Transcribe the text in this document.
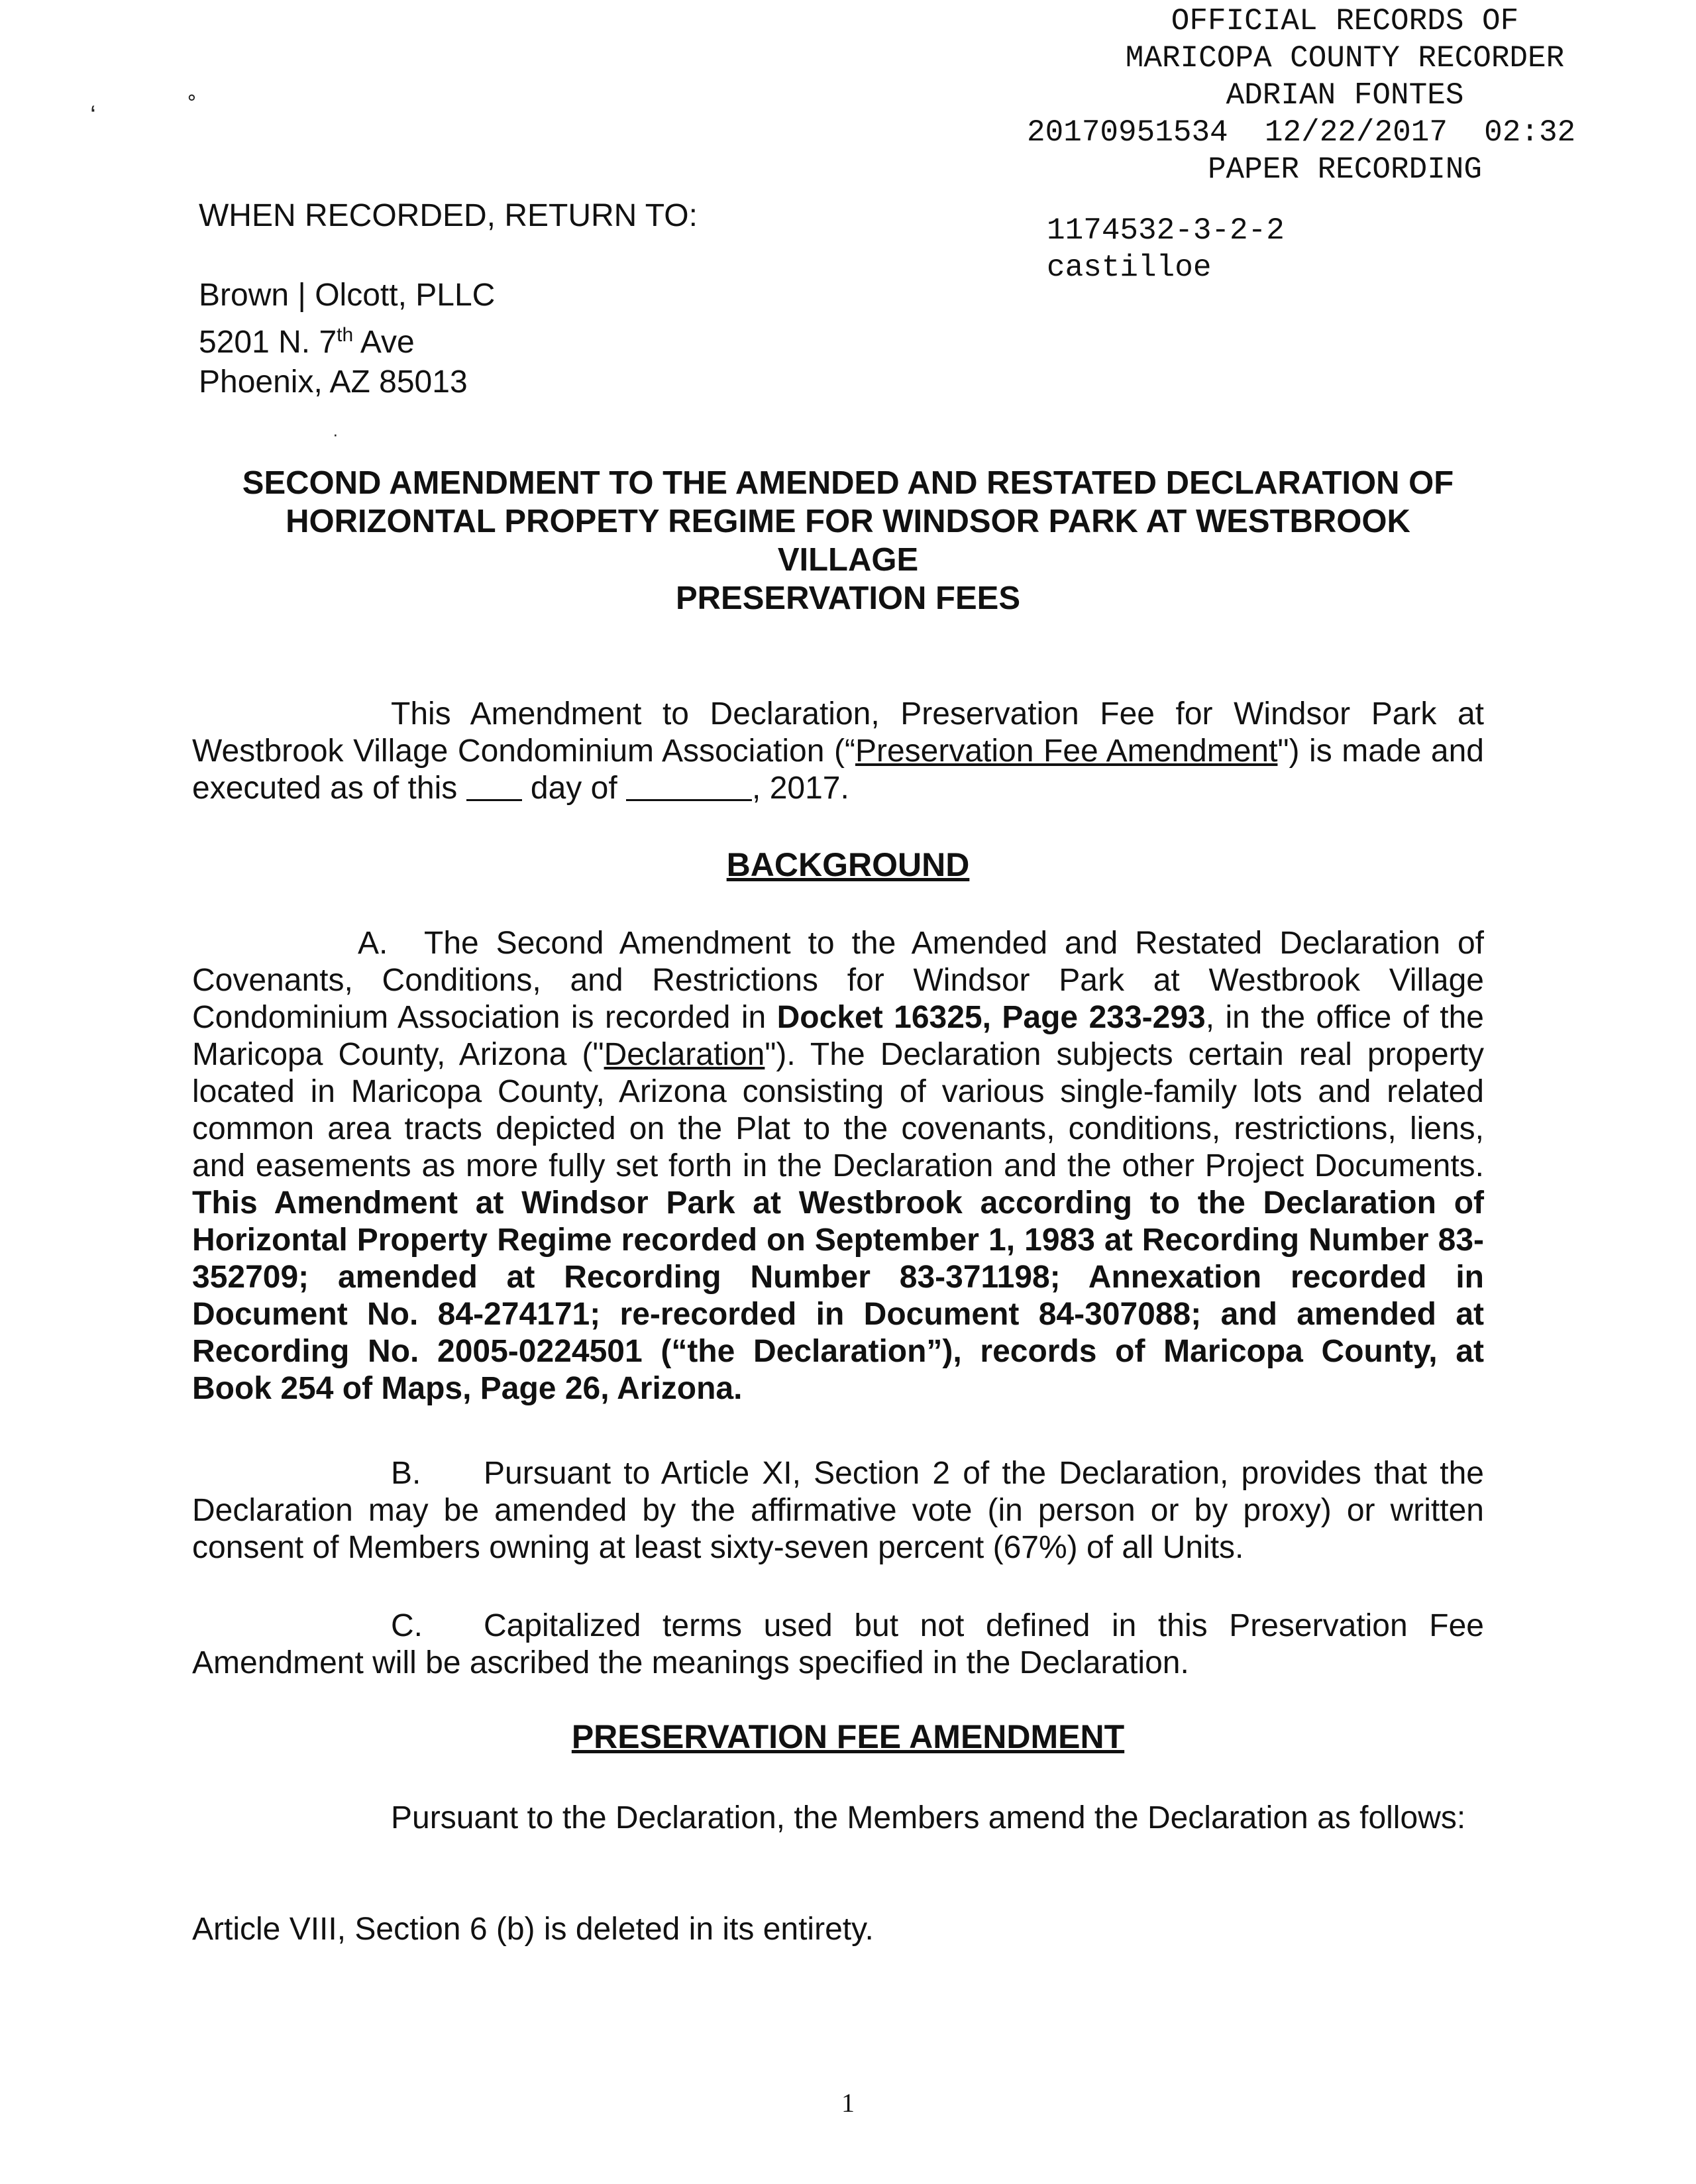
‘
∘
·
OFFICIAL RECORDS OF
MARICOPA COUNTY RECORDER
ADRIAN FONTES
20170951534 12/22/2017 02:32
PAPER RECORDING
1174532-3-2-2
castilloe
WHEN RECORDED, RETURN TO:
Brown | Olcott, PLLC
5201 N. 7th Ave
Phoenix, AZ 85013
SECOND AMENDMENT TO THE AMENDED AND RESTATED DECLARATION OF
HORIZONTAL PROPETY REGIME FOR WINDSOR PARK AT WESTBROOK
VILLAGE
PRESERVATION FEES
This Amendment to Declaration, Preservation Fee for Windsor Park at Westbrook Village Condominium Association (“Preservation Fee Amendment") is made and executed as of this  day of	, 2017.
BACKGROUND
A. The Second Amendment to the Amended and Restated Declaration of Covenants, Conditions, and Restrictions for Windsor Park at Westbrook Village Condominium Association is recorded in Docket 16325, Page 233-293, in the office of the Maricopa County, Arizona ("Declaration"). The Declaration subjects certain real property located in Maricopa County, Arizona consisting of various single-family lots and related common area tracts depicted on the Plat to the covenants, conditions, restrictions, liens, and easements as more fully set forth in the Declaration and the other Project Documents. This Amendment at Windsor Park at Westbrook according to the Declaration of Horizontal Property Regime recorded on September 1, 1983 at Recording Number 83-352709; amended at Recording Number 83-371198; Annexation recorded in Document No. 84-274171; re-recorded in Document 84-307088; and amended at Recording No. 2005-0224501 (“the Declaration”), records of Maricopa County, at Book 254 of Maps, Page 26, Arizona.
B. Pursuant to Article XI, Section 2 of the Declaration, provides that the Declaration may be amended by the affirmative vote (in person or by proxy) or written consent of Members owning at least sixty-seven percent (67%) of all Units.
C. Capitalized terms used but not defined in this Preservation Fee Amendment will be ascribed the meanings specified in the Declaration.
PRESERVATION FEE AMENDMENT
Pursuant to the Declaration, the Members amend the Declaration as follows:
Article VIII, Section 6 (b) is deleted in its entirety.
1
